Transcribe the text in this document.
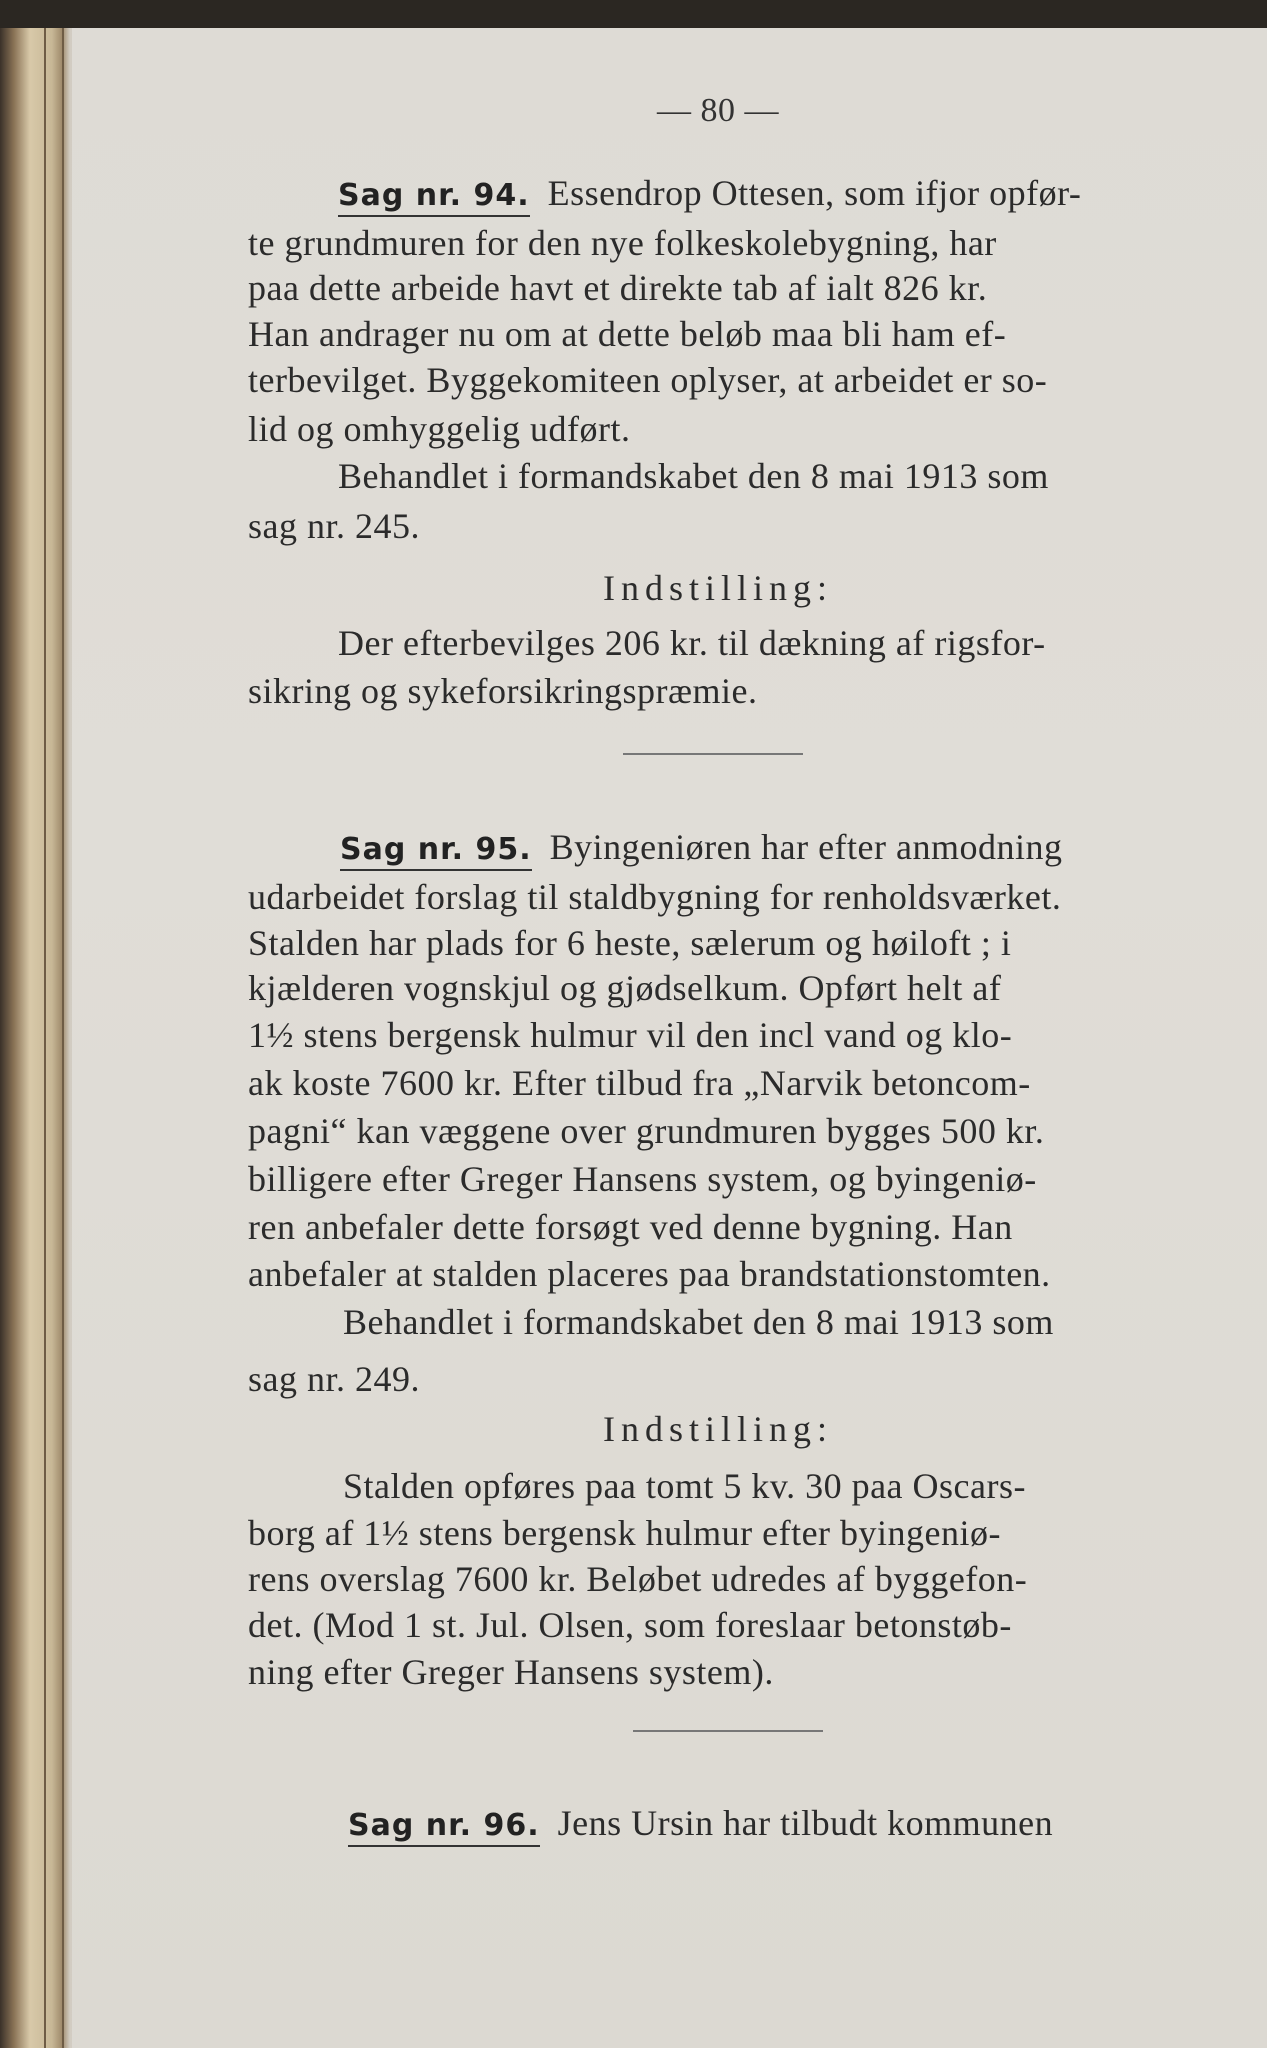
— 80 —
Sag nr. 94. Essendrop Ottesen, som ifjor opfør-
te grundmuren for den nye folkeskolebygning, har
paa dette arbeide havt et direkte tab af ialt 826 kr.
Han andrager nu om at dette beløb maa bli ham ef-
terbevilget. Byggekomiteen oplyser, at arbeidet er so-
lid og omhyggelig udført.
Behandlet i formandskabet den 8 mai 1913 som
sag nr. 245.
Indstilling:
Der efterbevilges 206 kr. til dækning af rigsfor-
sikring og sykeforsikringspræmie.
Sag nr. 95. Byingeniøren har efter anmodning
udarbeidet forslag til staldbygning for renholdsværket.
Stalden har plads for 6 heste, sælerum og høiloft ; i
kjælderen vognskjul og gjødselkum. Opført helt af
1½ stens bergensk hulmur vil den incl vand og klo-
ak koste 7600 kr. Efter tilbud fra „Narvik betoncom-
pagni“ kan væggene over grundmuren bygges 500 kr.
billigere efter Greger Hansens system, og byingeniø-
ren anbefaler dette forsøgt ved denne bygning. Han
anbefaler at stalden placeres paa brandstationstomten.
Behandlet i formandskabet den 8 mai 1913 som
sag nr. 249.
Indstilling:
Stalden opføres paa tomt 5 kv. 30 paa Oscars-
borg af 1½ stens bergensk hulmur efter byingeniø-
rens overslag 7600 kr. Beløbet udredes af byggefon-
det. (Mod 1 st. Jul. Olsen, som foreslaar betonstøb-
ning efter Greger Hansens system).
Sag nr. 96. Jens Ursin har tilbudt kommunen
